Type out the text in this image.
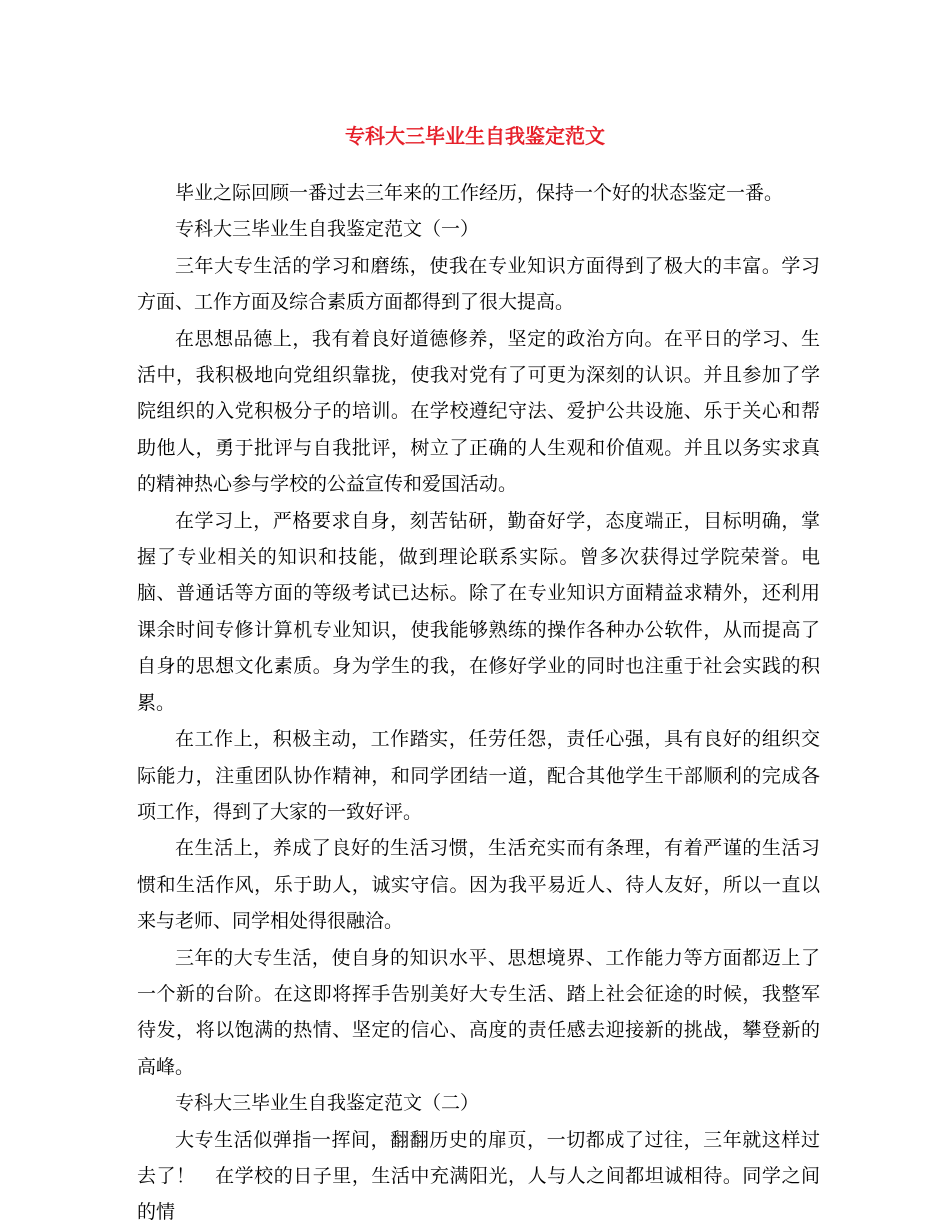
专科大三毕业生自我鉴定范文

毕业之际回顾一番过去三年来的工作经历，保持一个好的状态鉴定一番。

专科大三毕业生自我鉴定范文（一）

三年大专生活的学习和磨练，使我在专业知识方面得到了极大的丰富。学习方面、工作方面及综合素质方面都得到了很大提高。

在思想品德上，我有着良好道德修养，坚定的政治方向。在平日的学习、生活中，我积极地向党组织靠拢，使我对党有了可更为深刻的认识。并且参加了学院组织的入党积极分子的培训。在学校遵纪守法、爱护公共设施、乐于关心和帮助他人，勇于批评与自我批评，树立了正确的人生观和价值观。并且以务实求真的精神热心参与学校的公益宣传和爱国活动。

在学习上，严格要求自身，刻苦钻研，勤奋好学，态度端正，目标明确，掌握了专业相关的知识和技能，做到理论联系实际。曾多次获得过学院荣誉。电脑、普通话等方面的等级考试已达标。除了在专业知识方面精益求精外，还利用课余时间专修计算机专业知识，使我能够熟练的操作各种办公软件，从而提高了自身的思想文化素质。身为学生的我，在修好学业的同时也注重于社会实践的积累。

在工作上，积极主动，工作踏实，任劳任怨，责任心强，具有良好的组织交际能力，注重团队协作精神，和同学团结一道，配合其他学生干部顺利的完成各项工作，得到了大家的一致好评。

在生活上，养成了良好的生活习惯，生活充实而有条理，有着严谨的生活习惯和生活作风，乐于助人，诚实守信。因为我平易近人、待人友好，所以一直以来与老师、同学相处得很融洽。

三年的大专生活，使自身的知识水平、思想境界、工作能力等方面都迈上了一个新的台阶。在这即将挥手告别美好大专生活、踏上社会征途的时候，我整军待发，将以饱满的热情、坚定的信心、高度的责任感去迎接新的挑战，攀登新的高峰。

专科大三毕业生自我鉴定范文（二）

大专生活似弹指一挥间，翻翻历史的扉页，一切都成了过往，三年就这样过去了！　在学校的日子里，生活中充满阳光，人与人之间都坦诚相待。同学之间的情
